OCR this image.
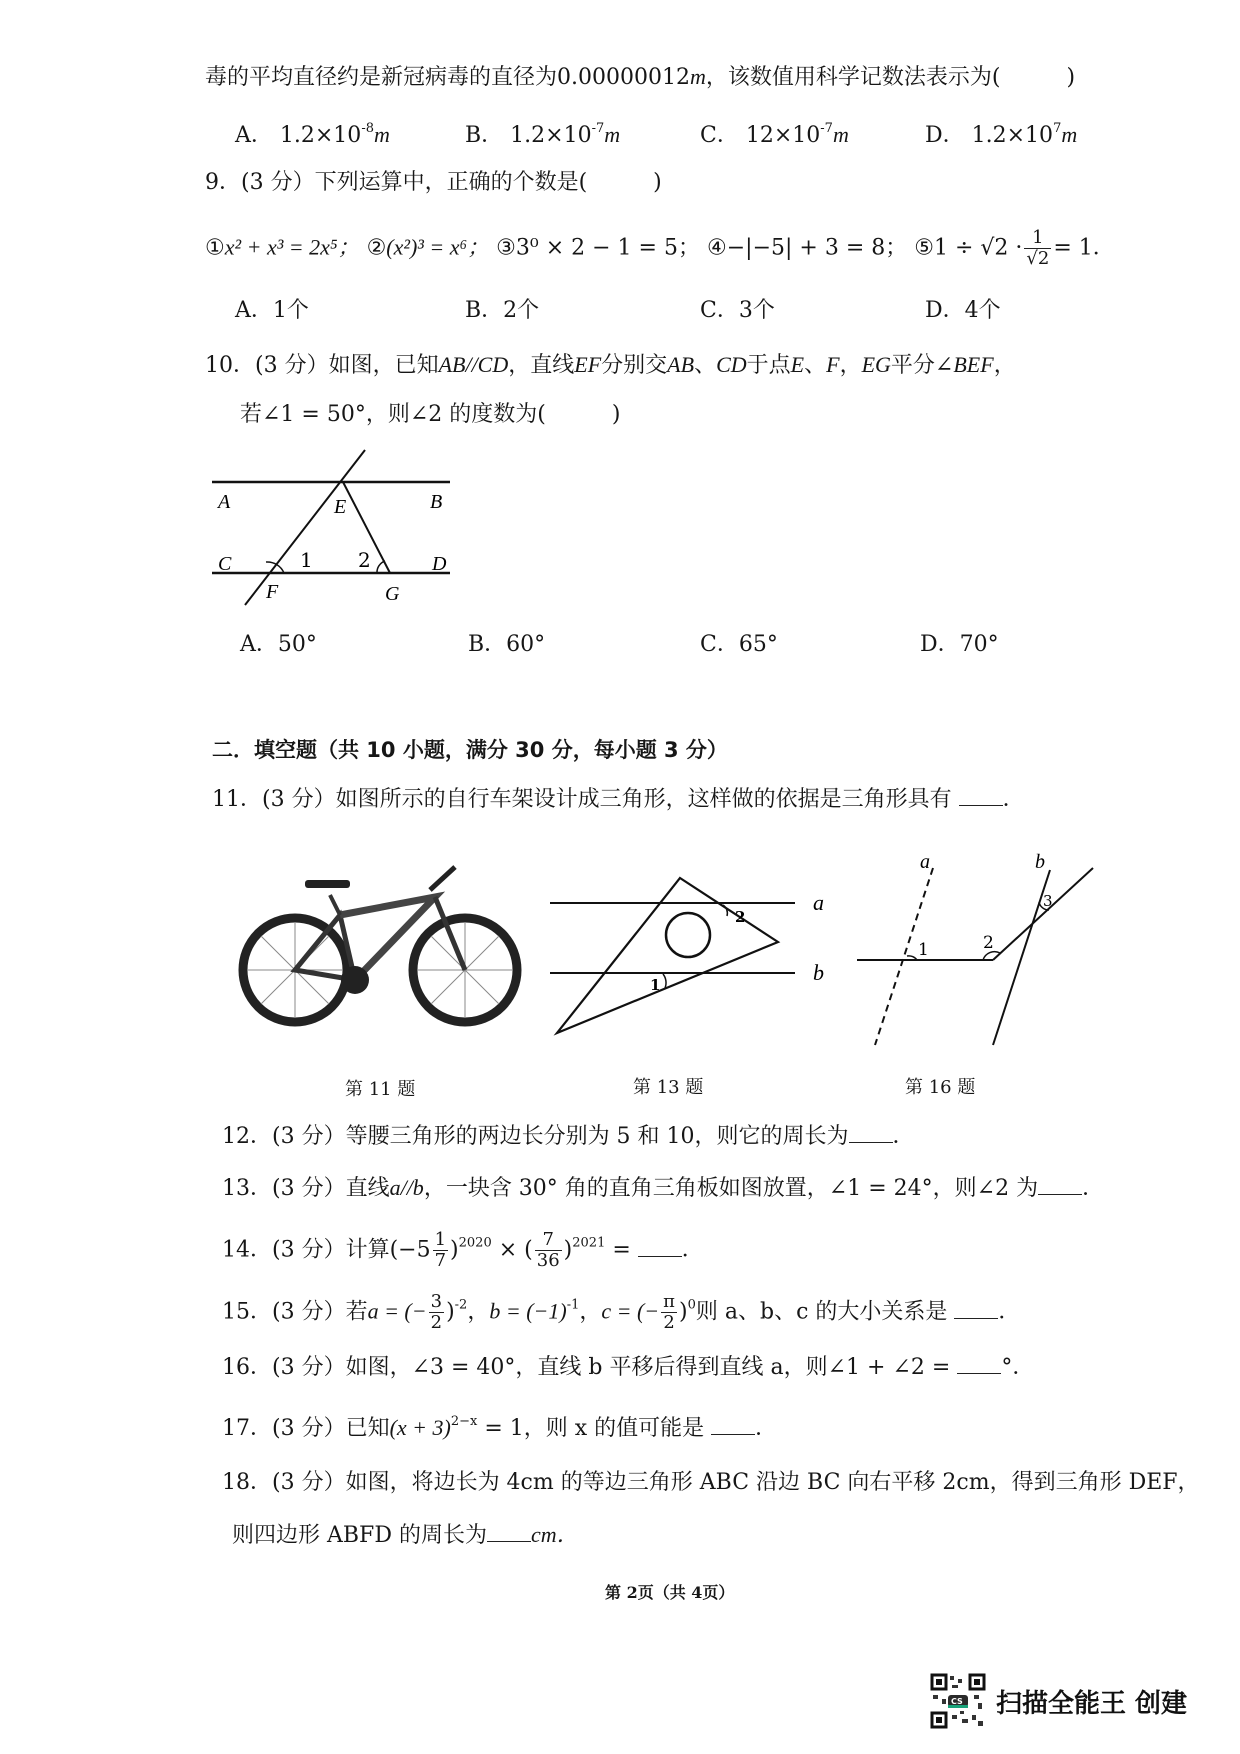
毒的平均直径约是新冠病毒的直径为0.00000012m，该数值用科学记数法表示为(　　　)
A． $1.2\times 10^{-8}m$	B． $1.2\times 10^{-7}m$	C． $12\times 10^{-7}m$	D． $1.2\times 10^7m$
9．(3 分）下列运算中，正确的个数是(　　　)
①x² + x³ = 2x⁵； ②(x²)³ = x⁶； ③3⁰ × 2 − 1 = 5； ④−|−5| + 3 = 8； ⑤1 ÷ $√2 \cdot \frac{1}{√2} = 1$．
A．1个	B．2个	C．3个	D．4个
10．(3 分）如图，已知AB//CD，直线EF分别交AB、CD于点E、F，EG平分∠BEF，
若∠1 = 50°，则∠2 的度数为(　　　)
A	B
E
C	D
F	G
1 2
A．50°	B．60°	C．65°	D．70°
二．填空题（共 10 小题，满分 30 分，每小题 3 分）
11．(3 分）如图所示的自行车架设计成三角形，这样做的依据是三角形具有 ．
a
b
2
1
a	b
1	2
3
第 11 题	第 13 题	第 16 题
12．(3 分）等腰三角形的两边长分别为 5 和 10，则它的周长为 ．
13．(3 分）直线a//b，一块含 30° 角的直角三角板如图放置，∠1 = 24°，则∠2 为 ．
14．(3 分）计算$(-5 \frac{1}{7} )^{2020}$ × ( $\frac{7}{36} )^{2021}$ = ．
15．(3 分）若a = (− $\frac{3}{2} )^{-2}$，$b = (-1)^{-1}$，c = (− $\frac{\pi}{2} )^0$则 a、b、c 的大小关系是 ．
16．(3 分）如图，∠3 = 40°，直线 b 平移后得到直线 a，则∠1 + ∠2 = °．
17．(3 分）已知$(x + 3)^{2-x} = 1$，则 x 的值可能是 ．
18．(3 分）如图，将边长为 4cm 的等边三角形 ABC 沿边 BC 向右平移 2cm，得到三角形 DEF，
则四边形 ABFD 的周长为 cm．
第 2页（共 4页）
CS 扫描全能王 创建
